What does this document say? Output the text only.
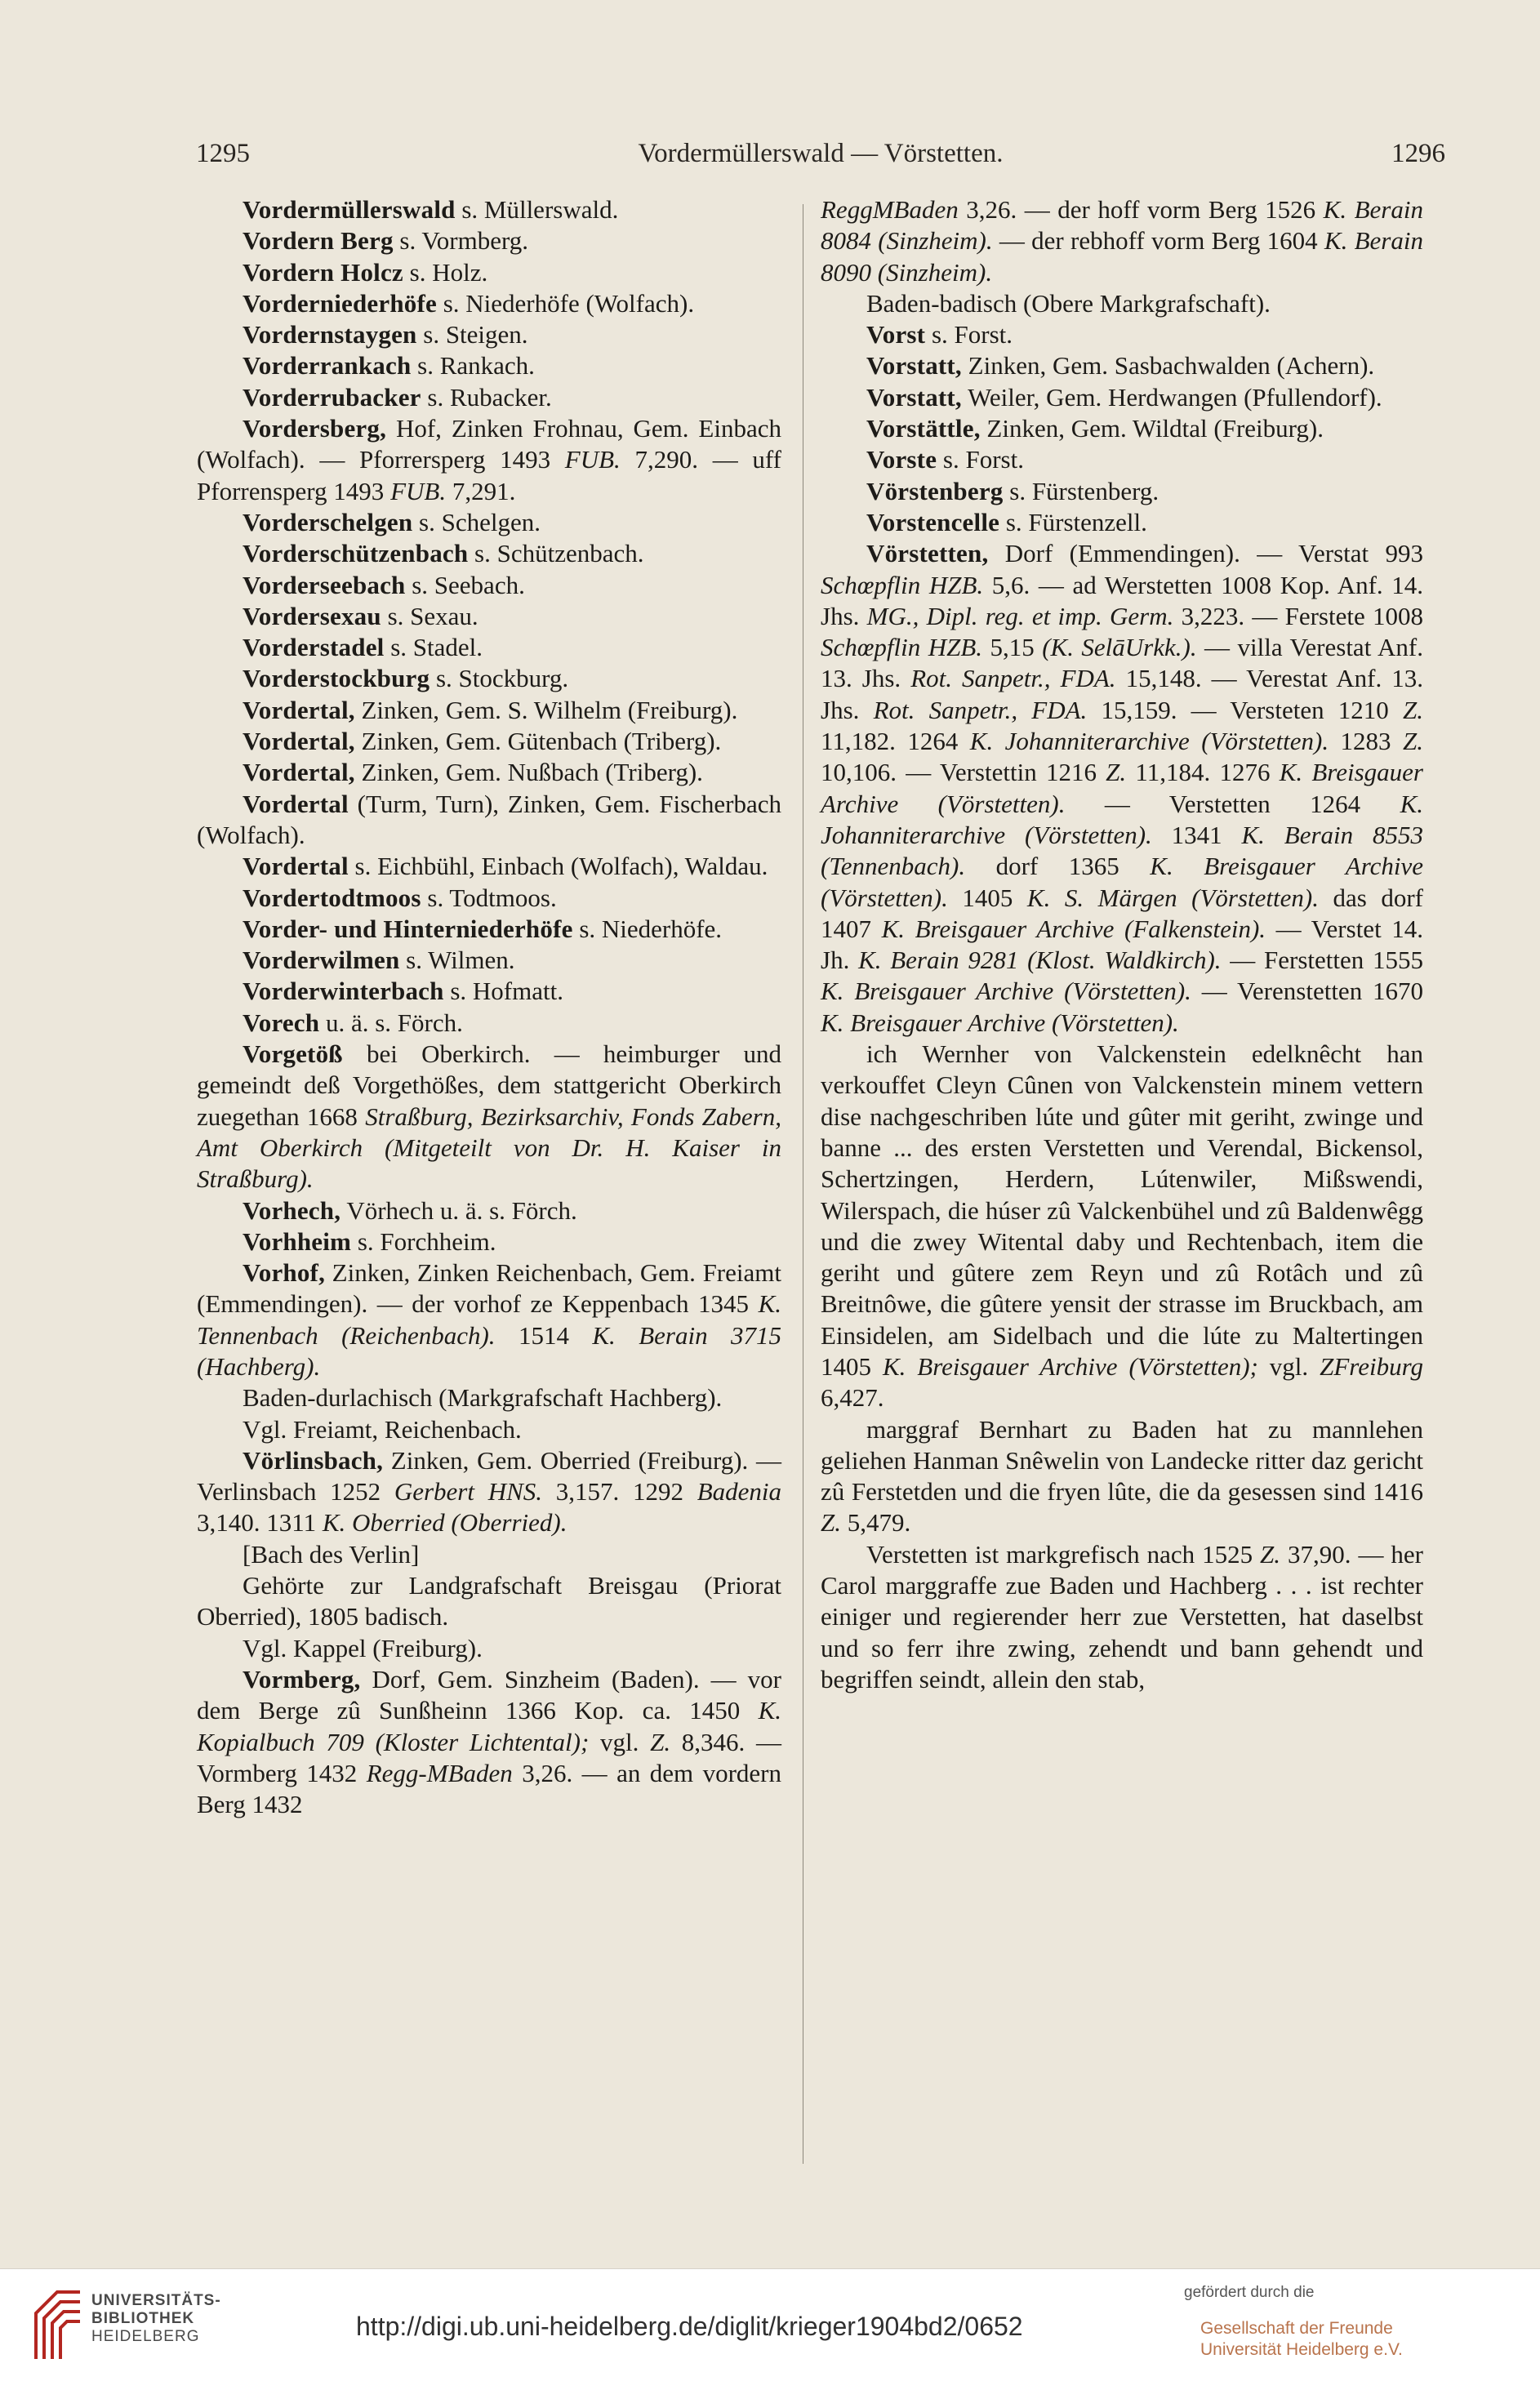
1295	Vordermüllerswald — Vörstetten.	1296

Vordermüllerswald s. Müllerswald.

Vordern Berg s. Vormberg.

Vordern Holcz s. Holz.

Vorderniederhöfe s. Niederhöfe (Wolfach).

Vordernstaygen s. Steigen.

Vorderrankach s. Rankach.

Vorderrubacker s. Rubacker.

Vordersberg, Hof, Zinken Frohnau, Gem. Einbach (Wolfach). — Pforrersperg 1493 FUB. 7,290. — uff Pforrensperg 1493 FUB. 7,291.

Vorderschelgen s. Schelgen.

Vorderschützenbach s. Schützenbach.

Vorderseebach s. Seebach.

Vordersexau s. Sexau.

Vorderstadel s. Stadel.

Vorderstockburg s. Stockburg.

Vordertal, Zinken, Gem. S. Wilhelm (Freiburg).

Vordertal, Zinken, Gem. Gütenbach (Triberg).

Vordertal, Zinken, Gem. Nußbach (Triberg).

Vordertal (Turm, Turn), Zinken, Gem. Fischerbach (Wolfach).

Vordertal s. Eichbühl, Einbach (Wolfach), Waldau.

Vordertodtmoos s. Todtmoos.

Vorder- und Hinterniederhöfe s. Niederhöfe.

Vorderwilmen s. Wilmen.

Vorderwinterbach s. Hofmatt.

Vorech u. ä. s. Förch.

Vorgetöß bei Oberkirch. — heimburger und gemeindt deß Vorgethößes, dem stattgericht Oberkirch zuegethan 1668 Straßburg, Bezirksarchiv, Fonds Zabern, Amt Oberkirch (Mitgeteilt von Dr. H. Kaiser in Straßburg).

Vorhech, Vörhech u. ä. s. Förch.

Vorhheim s. Forchheim.

Vorhof, Zinken, Zinken Reichenbach, Gem. Freiamt (Emmendingen). — der vorhof ze Keppenbach 1345 K. Tennenbach (Reichenbach). 1514 K. Berain 3715 (Hachberg).

Baden-durlachisch (Markgrafschaft Hachberg).

Vgl. Freiamt, Reichenbach.

Vörlinsbach, Zinken, Gem. Oberried (Freiburg). — Verlinsbach 1252 Gerbert HNS. 3,157. 1292 Badenia 3,140. 1311 K. Oberried (Oberried).

[Bach des Verlin]

Gehörte zur Landgrafschaft Breisgau (Priorat Oberried), 1805 badisch.

Vgl. Kappel (Freiburg).

Vormberg, Dorf, Gem. Sinzheim (Baden). — vor dem Berge zû Sunßheinn 1366 Kop. ca. 1450 K. Kopialbuch 709 (Kloster Lichtental); vgl. Z. 8,346. — Vormberg 1432 Regg-MBaden 3,26. — an dem vordern Berg 1432

ReggMBaden 3,26. — der hoff vorm Berg 1526 K. Berain 8084 (Sinzheim). — der rebhoff vorm Berg 1604 K. Berain 8090 (Sinzheim).

Baden-badisch (Obere Markgrafschaft).

Vorst s. Forst.

Vorstatt, Zinken, Gem. Sasbachwalden (Achern).

Vorstatt, Weiler, Gem. Herdwangen (Pfullendorf).

Vorstättle, Zinken, Gem. Wildtal (Freiburg).

Vorste s. Forst.

Vörstenberg s. Fürstenberg.

Vorstencelle s. Fürstenzell.

Vörstetten, Dorf (Emmendingen). — Verstat 993 Schœpflin HZB. 5,6. — ad Werstetten 1008 Kop. Anf. 14. Jhs. MG., Dipl. reg. et imp. Germ. 3,223. — Ferstete 1008 Schœpflin HZB. 5,15 (K. SelāUrkk.). — villa Verestat Anf. 13. Jhs. Rot. Sanpetr., FDA. 15,148. — Verestat Anf. 13. Jhs. Rot. Sanpetr., FDA. 15,159. — Versteten 1210 Z. 11,182. 1264 K. Johanniterarchive (Vörstetten). 1283 Z. 10,106. — Verstettin 1216 Z. 11,184. 1276 K. Breisgauer Archive (Vörstetten). — Verstetten 1264 K. Johanniterarchive (Vörstetten). 1341 K. Berain 8553 (Tennenbach). dorf 1365 K. Breisgauer Archive (Vörstetten). 1405 K. S. Märgen (Vörstetten). das dorf 1407 K. Breisgauer Archive (Falkenstein). — Verstet 14. Jh. K. Berain 9281 (Klost. Waldkirch). — Ferstetten 1555 K. Breisgauer Archive (Vörstetten). — Verenstetten 1670 K. Breisgauer Archive (Vörstetten).

ich Wernher von Valckenstein edelknêcht han verkouffet Cleyn Cûnen von Valckenstein minem vettern dise nachgeschriben lúte und gûter mit geriht, zwinge und banne ... des ersten Verstetten und Verendal, Bickensol, Schertzingen, Herdern, Lútenwiler, Mißswendi, Wilerspach, die húser zû Valckenbühel und zû Baldenwêgg und die zwey Witental daby und Rechtenbach, item die geriht und gûtere zem Reyn und zû Rotâch und zû Breitnôwe, die gûtere yensit der strasse im Bruckbach, am Einsidelen, am Sidelbach und die lúte zu Maltertingen 1405 K. Breisgauer Archive (Vörstetten); vgl. ZFreiburg 6,427.

marggraf Bernhart zu Baden hat zu mannlehen geliehen Hanman Snêwelin von Landecke ritter daz gericht zû Ferstetden und die fryen lûte, die da gesessen sind 1416 Z. 5,479.

Verstetten ist markgrefisch nach 1525 Z. 37,90. — her Carol marggraffe zue Baden und Hachberg . . . ist rechter einiger und regierender herr zue Verstetten, hat daselbst und so ferr ihre zwing, zehendt und bann gehendt und begriffen seindt, allein den stab,

UNIVERSITÄTS-
BIBLIOTHEK
HEIDELBERG	http://digi.ub.uni-heidelberg.de/diglit/krieger1904bd2/0652
gefördert durch die
Gesellschaft der Freunde
Universität Heidelberg e.V.
